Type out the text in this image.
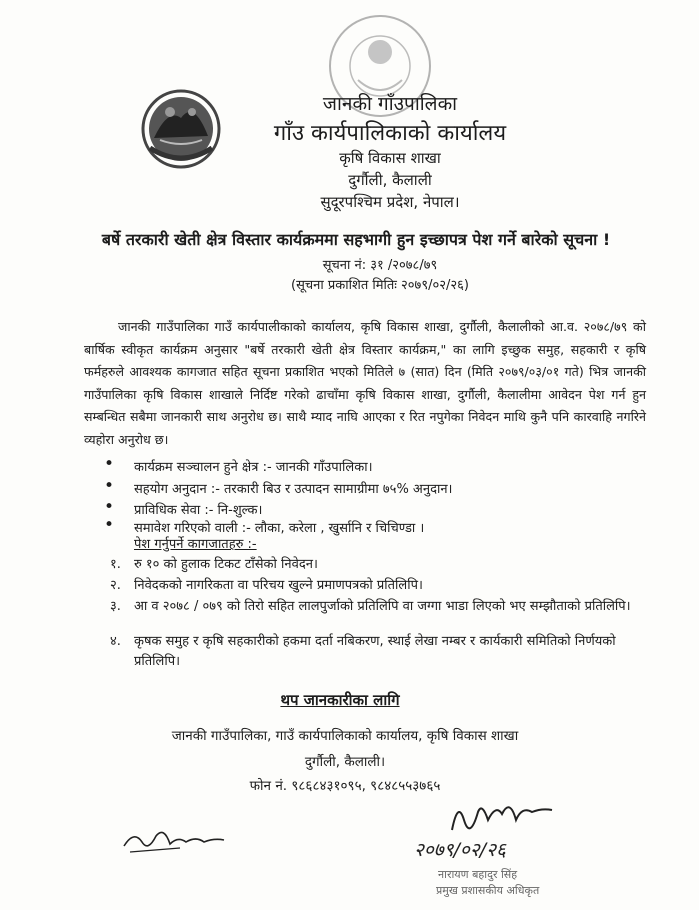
जानकी गाँउपालिका
गाँउ कार्यपालिकाको कार्यालय
कृषि विकास शाखा
दुर्गौली, कैलाली
सुदूरपश्चिम प्रदेश, नेपाल।
बर्षे तरकारी खेती क्षेत्र विस्तार कार्यक्रममा सहभागी हुन इच्छापत्र पेश गर्ने बारेको सूचना !
सूचना नं: ३१ /२०७८/७९
(सूचना प्रकाशित मितिः २०७९/०२/२६)
जानकी गाउँपालिका गाउँ कार्यपालीकाको कार्यालय, कृषि विकास शाखा, दुर्गौली, कैलालीको आ.व. २०७८/७९ को बार्षिक स्वीकृत कार्यक्रम अनुसार "बर्षे तरकारी खेती क्षेत्र विस्तार कार्यक्रम," का लागि इच्छुक समुह, सहकारी र कृषि फर्महरुले आवश्यक कागजात सहित सूचना प्रकाशित भएको मितिले ७ (सात) दिन (मिति २०७९/०३/०१ गते) भित्र जानकी गाउँपालिका कृषि विकास शाखाले निर्दिष्ट गरेको ढाचाँमा कृषि विकास शाखा, दुर्गौली, कैलालीमा आवेदन पेश गर्न हुन सम्बन्धित सबैमा जानकारी साथ अनुरोध छ। साथै म्याद नाघि आएका र रित नपुगेका निवेदन माथि कुनै पनि कारवाहि नगरिने व्यहोरा अनुरोध छ।
• कार्यक्रम सञ्चालन हुने क्षेत्र :- जानकी गाँउपालिका।
• सहयोग अनुदान :- तरकारी बिउ र उत्पादन सामाग्रीमा ७५% अनुदान।
• प्राविधिक सेवा :- नि-शुल्क।
• समावेश गरिएको वाली :- लौका, करेला , खुर्सानि र चिचिण्डा ।
पेश गर्नुपर्ने कागजातहरु :-
१. रु १० को हुलाक टिकट टाँसेको निवेदन।
२. निवेदकको नागरिकता वा परिचय खुल्ने प्रमाणपत्रको प्रतिलिपि।
३. आ व २०७८ / ०७९ को तिरो सहित लालपुर्जाको प्रतिलिपि वा जग्गा भाडा लिएको भए सम्झौताको प्रतिलिपि।
४. कृषक समुह र कृषि सहकारीको हकमा दर्ता नबिकरण, स्थाई लेखा नम्बर र कार्यकारी समितिको निर्णयको प्रतिलिपि।
थप जानकारीका लागि
जानकी गाउँपालिका, गाउँ कार्यपालिकाको कार्यालय, कृषि विकास शाखा
दुर्गौली, कैलाली।
फोन नं. ९८६८४३१०९५, ९८४८५५३७६५
२०७९/०२/२६
नारायण बहादुर सिंह
प्रमुख प्रशासकीय अधिकृत
